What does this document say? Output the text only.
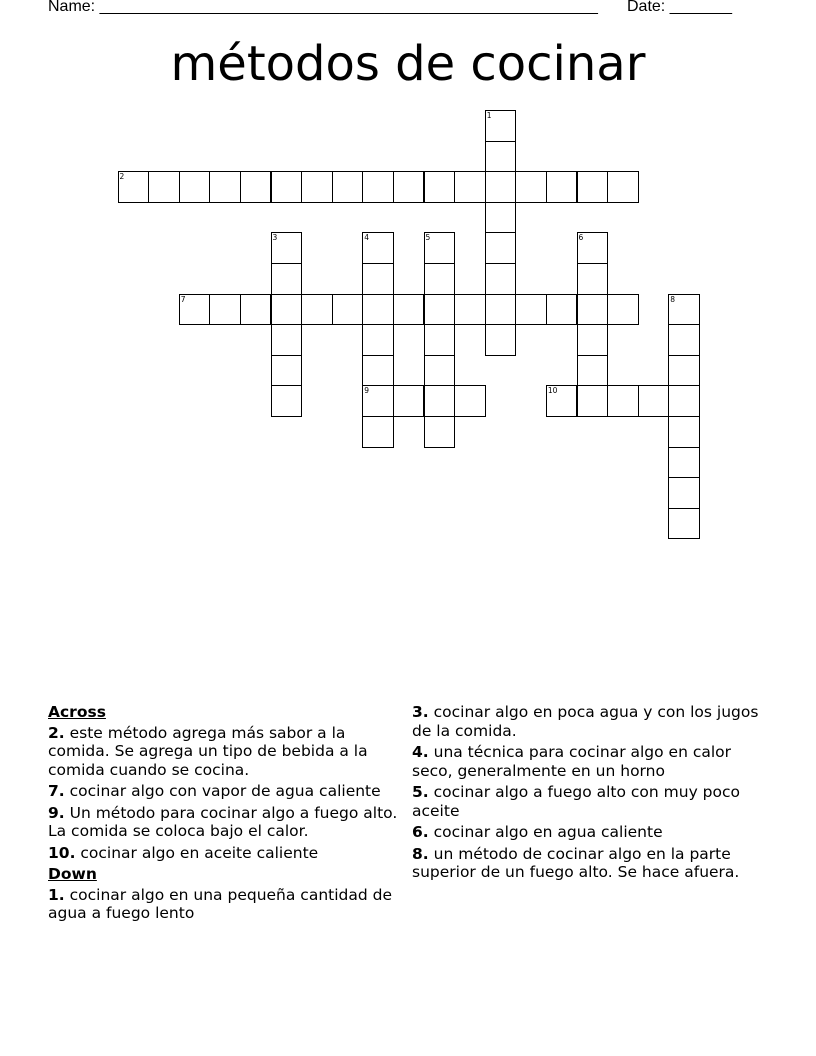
Name: ________________________________________________________ Date: _______
métodos de cocinar
1
2
3	4
9
5	6
7	8
10
Across
2. este método agrega más sabor a la comida. Se agrega un tipo de bebida a la comida cuando se cocina.
7. cocinar algo con vapor de agua caliente
9. Un método para cocinar algo a fuego alto. La comida se coloca bajo el calor.
10. cocinar algo en aceite caliente
Down
1. cocinar algo en una pequeña cantidad de agua a fuego lento
3. cocinar algo en poca agua y con los jugos de la comida.
4. una técnica para cocinar algo en calor seco, generalmente en un horno
5. cocinar algo a fuego alto con muy poco aceite
6. cocinar algo en agua caliente
8. un método de cocinar algo en la parte superior de un fuego alto. Se hace afuera.
